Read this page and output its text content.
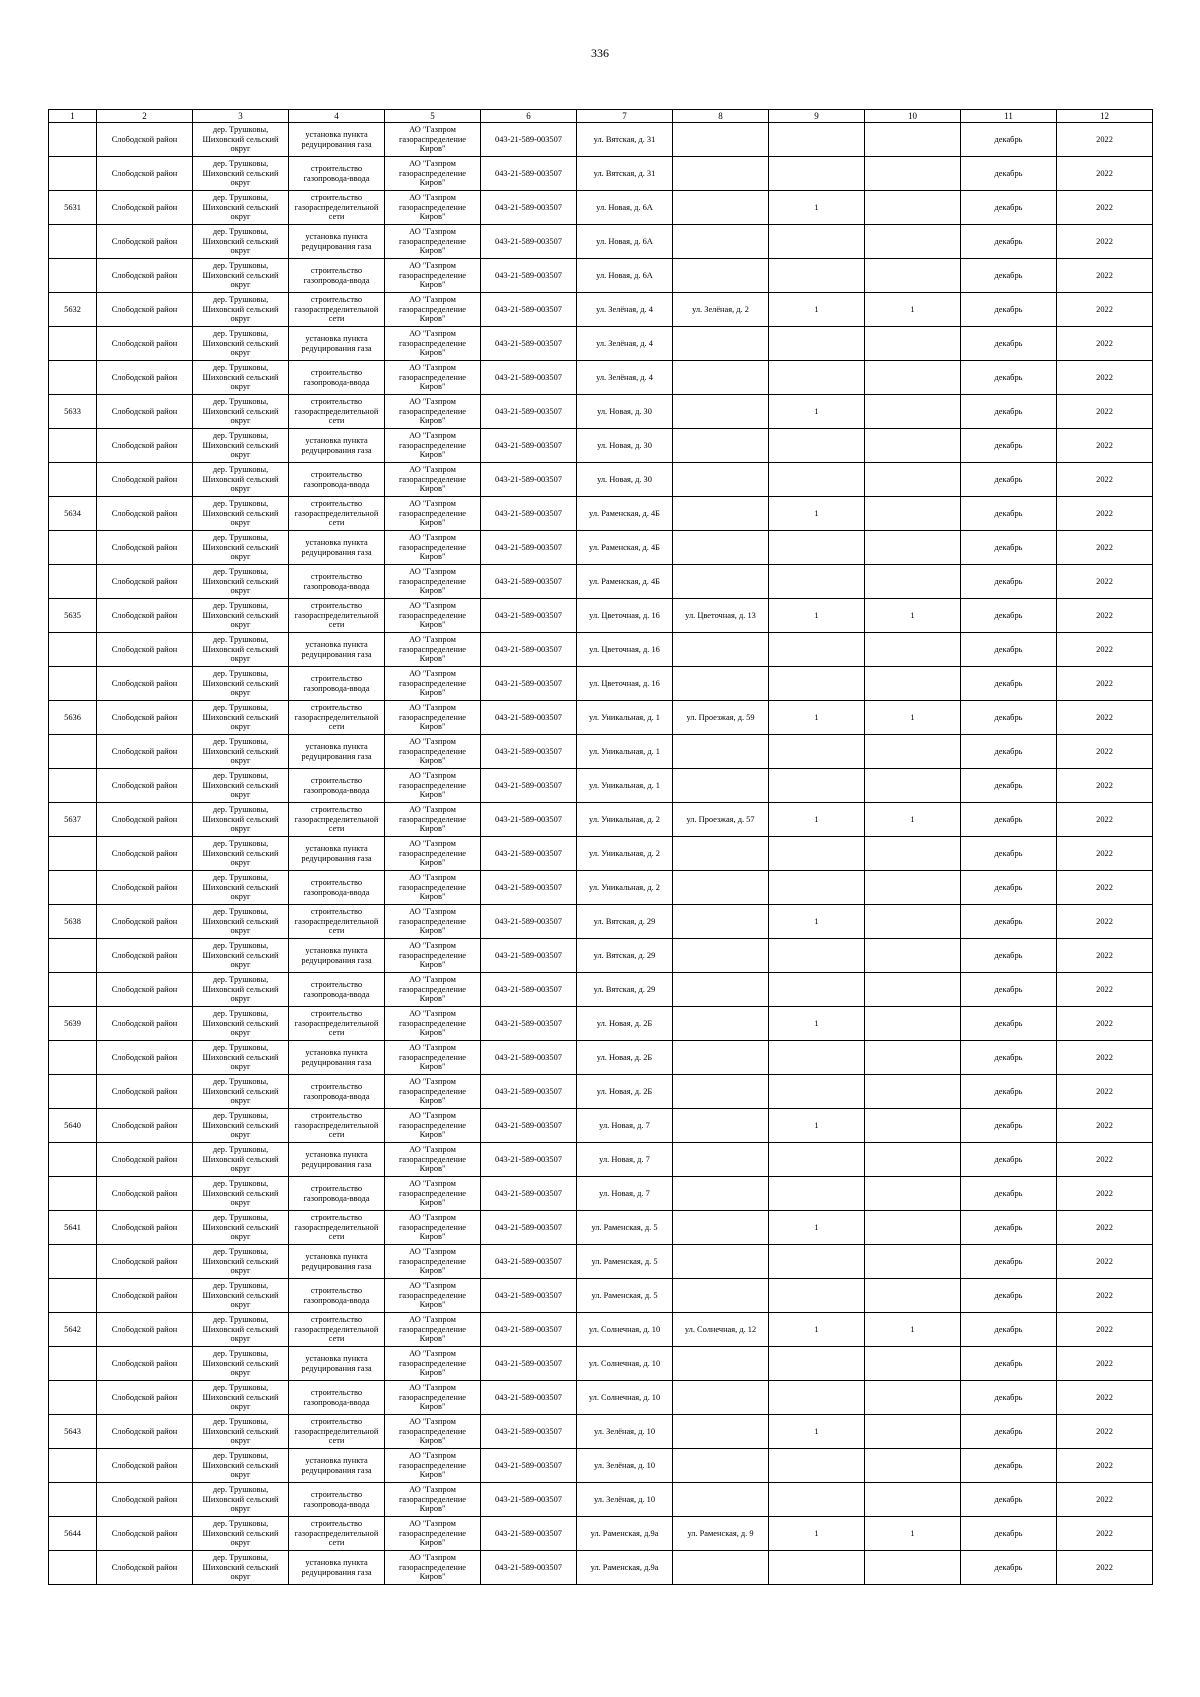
336
1	2	3	4	5	6	7	8	9	10	11	12
	Слободской район	дер. Трушковы, Шиховский сельский округ	установка пункта редуцирования газа	АО "Газпром газораспределение Киров"	043-21-589-003507	ул. Вятская, д. 31				декабрь	2022
	Слободской район	дер. Трушковы, Шиховский сельский округ	строительство газопровода-ввода	АО "Газпром газораспределение Киров"	043-21-589-003507	ул. Вятская, д. 31				декабрь	2022
5631	Слободской район	дер. Трушковы, Шиховский сельский округ	строительство газораспределительной сети	АО "Газпром газораспределение Киров"	043-21-589-003507	ул. Новая, д. 6А		1		декабрь	2022
	Слободской район	дер. Трушковы, Шиховский сельский округ	установка пункта редуцирования газа	АО "Газпром газораспределение Киров"	043-21-589-003507	ул. Новая, д. 6А				декабрь	2022
	Слободской район	дер. Трушковы, Шиховский сельский округ	строительство газопровода-ввода	АО "Газпром газораспределение Киров"	043-21-589-003507	ул. Новая, д. 6А				декабрь	2022
5632	Слободской район	дер. Трушковы, Шиховский сельский округ	строительство газораспределительной сети	АО "Газпром газораспределение Киров"	043-21-589-003507	ул. Зелёная, д. 4	ул. Зелёная, д. 2	1	1	декабрь	2022
	Слободской район	дер. Трушковы, Шиховский сельский округ	установка пункта редуцирования газа	АО "Газпром газораспределение Киров"	043-21-589-003507	ул. Зелёная, д. 4				декабрь	2022
	Слободской район	дер. Трушковы, Шиховский сельский округ	строительство газопровода-ввода	АО "Газпром газораспределение Киров"	043-21-589-003507	ул. Зелёная, д. 4				декабрь	2022
5633	Слободской район	дер. Трушковы, Шиховский сельский округ	строительство газораспределительной сети	АО "Газпром газораспределение Киров"	043-21-589-003507	ул. Новая, д. 30		1		декабрь	2022
	Слободской район	дер. Трушковы, Шиховский сельский округ	установка пункта редуцирования газа	АО "Газпром газораспределение Киров"	043-21-589-003507	ул. Новая, д. 30				декабрь	2022
	Слободской район	дер. Трушковы, Шиховский сельский округ	строительство газопровода-ввода	АО "Газпром газораспределение Киров"	043-21-589-003507	ул. Новая, д. 30				декабрь	2022
5634	Слободской район	дер. Трушковы, Шиховский сельский округ	строительство газораспределительной сети	АО "Газпром газораспределение Киров"	043-21-589-003507	ул. Раменская, д. 4Б		1		декабрь	2022
	Слободской район	дер. Трушковы, Шиховский сельский округ	установка пункта редуцирования газа	АО "Газпром газораспределение Киров"	043-21-589-003507	ул. Раменская, д. 4Б				декабрь	2022
	Слободской район	дер. Трушковы, Шиховский сельский округ	строительство газопровода-ввода	АО "Газпром газораспределение Киров"	043-21-589-003507	ул. Раменская, д. 4Б				декабрь	2022
5635	Слободской район	дер. Трушковы, Шиховский сельский округ	строительство газораспределительной сети	АО "Газпром газораспределение Киров"	043-21-589-003507	ул. Цветочная, д. 16	ул. Цветочная, д. 13	1	1	декабрь	2022
	Слободской район	дер. Трушковы, Шиховский сельский округ	установка пункта редуцирования газа	АО "Газпром газораспределение Киров"	043-21-589-003507	ул. Цветочная, д. 16				декабрь	2022
	Слободской район	дер. Трушковы, Шиховский сельский округ	строительство газопровода-ввода	АО "Газпром газораспределение Киров"	043-21-589-003507	ул. Цветочная, д. 16				декабрь	2022
5636	Слободской район	дер. Трушковы, Шиховский сельский округ	строительство газораспределительной сети	АО "Газпром газораспределение Киров"	043-21-589-003507	ул. Уникальная, д. 1	ул. Проезжая, д. 59	1	1	декабрь	2022
	Слободской район	дер. Трушковы, Шиховский сельский округ	установка пункта редуцирования газа	АО "Газпром газораспределение Киров"	043-21-589-003507	ул. Уникальная, д. 1				декабрь	2022
	Слободской район	дер. Трушковы, Шиховский сельский округ	строительство газопровода-ввода	АО "Газпром газораспределение Киров"	043-21-589-003507	ул. Уникальная, д. 1				декабрь	2022
5637	Слободской район	дер. Трушковы, Шиховский сельский округ	строительство газораспределительной сети	АО "Газпром газораспределение Киров"	043-21-589-003507	ул. Уникальная, д. 2	ул. Проезжая, д. 57	1	1	декабрь	2022
	Слободской район	дер. Трушковы, Шиховский сельский округ	установка пункта редуцирования газа	АО "Газпром газораспределение Киров"	043-21-589-003507	ул. Уникальная, д. 2				декабрь	2022
	Слободской район	дер. Трушковы, Шиховский сельский округ	строительство газопровода-ввода	АО "Газпром газораспределение Киров"	043-21-589-003507	ул. Уникальная, д. 2				декабрь	2022
5638	Слободской район	дер. Трушковы, Шиховский сельский округ	строительство газораспределительной сети	АО "Газпром газораспределение Киров"	043-21-589-003507	ул. Вятская, д. 29		1		декабрь	2022
	Слободской район	дер. Трушковы, Шиховский сельский округ	установка пункта редуцирования газа	АО "Газпром газораспределение Киров"	043-21-589-003507	ул. Вятская, д. 29				декабрь	2022
	Слободской район	дер. Трушковы, Шиховский сельский округ	строительство газопровода-ввода	АО "Газпром газораспределение Киров"	043-21-589-003507	ул. Вятская, д. 29				декабрь	2022
5639	Слободской район	дер. Трушковы, Шиховский сельский округ	строительство газораспределительной сети	АО "Газпром газораспределение Киров"	043-21-589-003507	ул. Новая, д. 2Б		1		декабрь	2022
	Слободской район	дер. Трушковы, Шиховский сельский округ	установка пункта редуцирования газа	АО "Газпром газораспределение Киров"	043-21-589-003507	ул. Новая, д. 2Б				декабрь	2022
	Слободской район	дер. Трушковы, Шиховский сельский округ	строительство газопровода-ввода	АО "Газпром газораспределение Киров"	043-21-589-003507	ул. Новая, д. 2Б				декабрь	2022
5640	Слободской район	дер. Трушковы, Шиховский сельский округ	строительство газораспределительной сети	АО "Газпром газораспределение Киров"	043-21-589-003507	ул. Новая, д. 7		1		декабрь	2022
	Слободской район	дер. Трушковы, Шиховский сельский округ	установка пункта редуцирования газа	АО "Газпром газораспределение Киров"	043-21-589-003507	ул. Новая, д. 7				декабрь	2022
	Слободской район	дер. Трушковы, Шиховский сельский округ	строительство газопровода-ввода	АО "Газпром газораспределение Киров"	043-21-589-003507	ул. Новая, д. 7				декабрь	2022
5641	Слободской район	дер. Трушковы, Шиховский сельский округ	строительство газораспределительной сети	АО "Газпром газораспределение Киров"	043-21-589-003507	ул. Раменская, д. 5		1		декабрь	2022
	Слободской район	дер. Трушковы, Шиховский сельский округ	установка пункта редуцирования газа	АО "Газпром газораспределение Киров"	043-21-589-003507	ул. Раменская, д. 5				декабрь	2022
	Слободской район	дер. Трушковы, Шиховский сельский округ	строительство газопровода-ввода	АО "Газпром газораспределение Киров"	043-21-589-003507	ул. Раменская, д. 5				декабрь	2022
5642	Слободской район	дер. Трушковы, Шиховский сельский округ	строительство газораспределительной сети	АО "Газпром газораспределение Киров"	043-21-589-003507	ул. Солнечная, д. 10	ул. Солнечная, д. 12	1	1	декабрь	2022
	Слободской район	дер. Трушковы, Шиховский сельский округ	установка пункта редуцирования газа	АО "Газпром газораспределение Киров"	043-21-589-003507	ул. Солнечная, д. 10				декабрь	2022
	Слободской район	дер. Трушковы, Шиховский сельский округ	строительство газопровода-ввода	АО "Газпром газораспределение Киров"	043-21-589-003507	ул. Солнечная, д. 10				декабрь	2022
5643	Слободской район	дер. Трушковы, Шиховский сельский округ	строительство газораспределительной сети	АО "Газпром газораспределение Киров"	043-21-589-003507	ул. Зелёная, д. 10		1		декабрь	2022
	Слободской район	дер. Трушковы, Шиховский сельский округ	установка пункта редуцирования газа	АО "Газпром газораспределение Киров"	043-21-589-003507	ул. Зелёная, д. 10				декабрь	2022
	Слободской район	дер. Трушковы, Шиховский сельский округ	строительство газопровода-ввода	АО "Газпром газораспределение Киров"	043-21-589-003507	ул. Зелёная, д. 10				декабрь	2022
5644	Слободской район	дер. Трушковы, Шиховский сельский округ	строительство газораспределительной сети	АО "Газпром газораспределение Киров"	043-21-589-003507	ул. Раменская, д.9а	ул. Раменская, д. 9	1	1	декабрь	2022
	Слободской район	дер. Трушковы, Шиховский сельский округ	установка пункта редуцирования газа	АО "Газпром газораспределение Киров"	043-21-589-003507	ул. Раменская, д.9а				декабрь	2022
